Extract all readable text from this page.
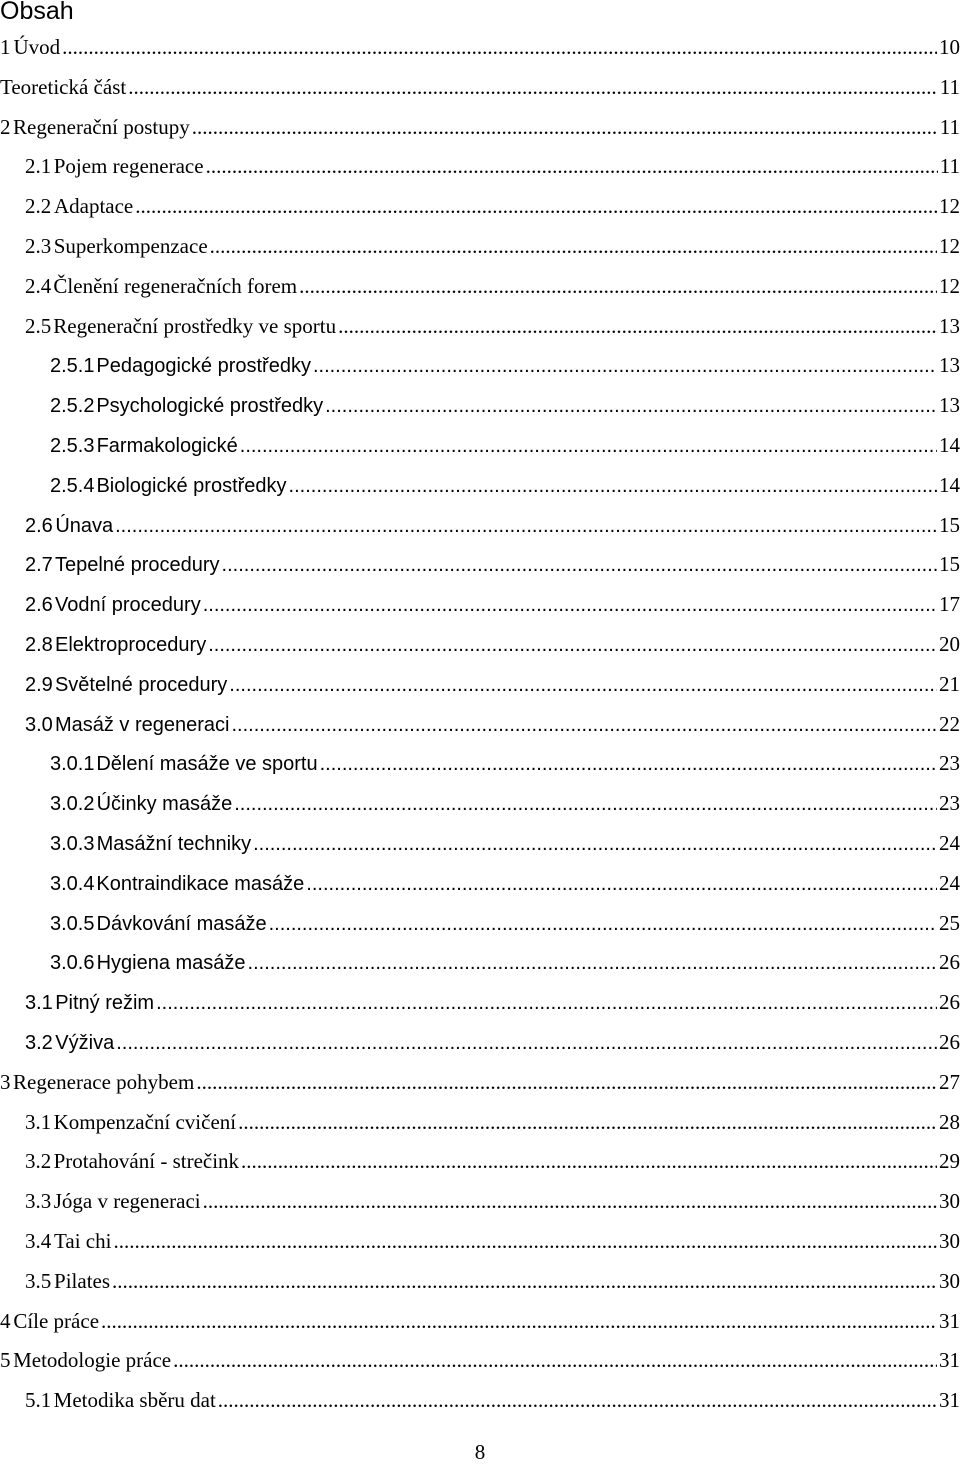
Obsah
1 Úvod .....	10
Teoretická část .....	11
2 Regenerační postupy .....	11
2.1 Pojem regenerace .....	11
2.2 Adaptace .....	12
2.3 Superkompenzace .....	12
2.4 Členění regeneračních forem .....	12
2.5 Regenerační prostředky ve sportu .....	13
2.5.1 Pedagogické prostředky .....	13
2.5.2 Psychologické prostředky .....	13
2.5.3 Farmakologické .....	14
2.5.4 Biologické prostředky .....	14
2.6 Únava .....	15
2.7 Tepelné procedury .....	15
2.6 Vodní procedury .....	17
2.8 Elektroprocedury .....	20
2.9 Světelné procedury .....	21
3.0 Masáž v regeneraci .....	22
3.0.1 Dělení masáže ve sportu .....	23
3.0.2 Účinky masáže .....	23
3.0.3 Masážní techniky .....	24
3.0.4 Kontraindikace masáže .....	24
3.0.5 Dávkování masáže .....	25
3.0.6 Hygiena masáže .....	26
3.1 Pitný režim .....	26
3.2 Výživa .....	26
3 Regenerace pohybem .....	27
3.1 Kompenzační cvičení .....	28
3.2 Protahování - strečink .....	29
3.3 Jóga v regeneraci .....	30
3.4 Tai chi .....	30
3.5 Pilates .....	30
4 Cíle práce .....	31
5 Metodologie práce .....	31
5.1 Metodika sběru dat .....	31
8
